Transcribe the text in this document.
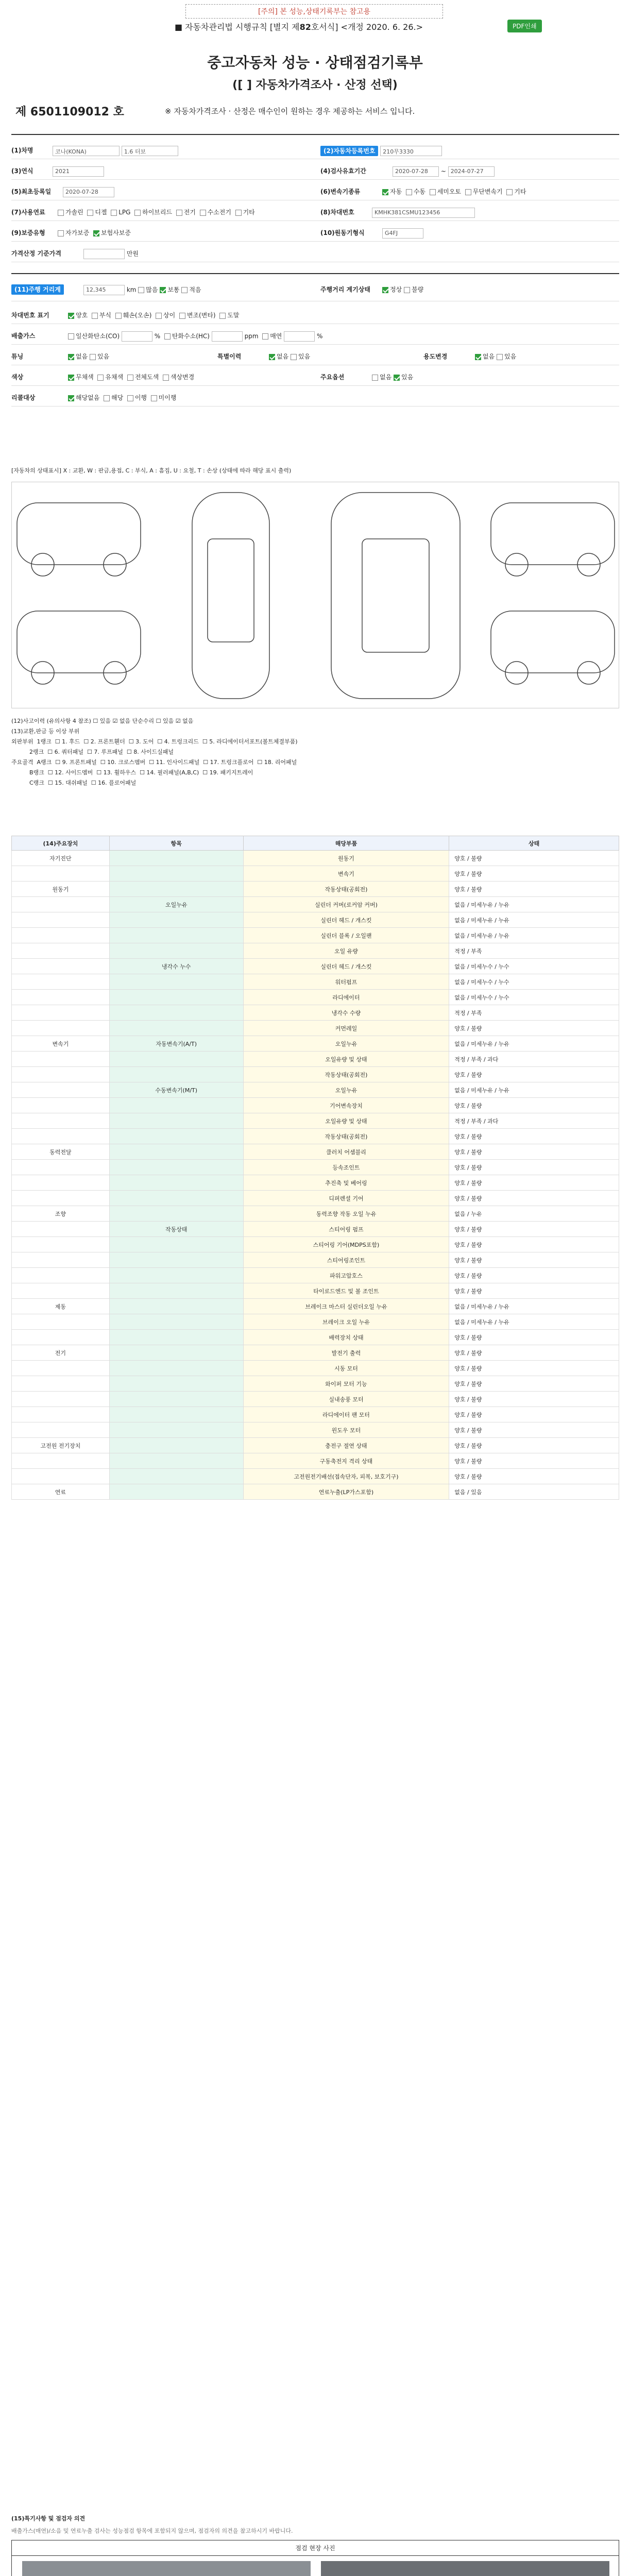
[주의] 본 성능,상태기록부는 참고용
■ 자동차관리법 시행규칙 [별지 제82호서식] <개정 2020. 6. 26.>	PDF인쇄
중고자동차 성능 · 상태점검기록부
([ ] 자동차가격조사 · 산정 선택)
제 6501109012 호	※ 자동차가격조사 · 산정은 매수인이 원하는 경우 제공하는 서비스 입니다.
(1)차명	코나(KONA)	1.6 터보	(2)자동차등록번호 210무3330
(3)연식	2021	(4)검사유효기간	2020-07-28 ~ 2024-07-27
(5)최초등록일	2020-07-28	(6)변속기종류	자동 수동 세미오토 무단변속기 기타
(7)사용연료	가솔린 디젤 LPG 하이브리드 전기 수소전기 기타	(8)차대번호	KMHK381CSMU123456
(9)보증유형	자가보증 보험사보증	(10)원동기형식	G4FJ
가격산정 기준가격	만원
(11)주행 거리계	12,345	km 많음 보통 적음	주행거리 계기상태	정상 불량
차대번호 표기	양호 부식 훼손(오손) 상이 변조(변타) 도말
배출가스	일산화탄소(CO)	%  탄화수소(HC)	ppm  매연	%
튜닝	없음 있음	특별이력	없음 있음	용도변경	없음 있음
색상	무채색 유채색 전체도색 색상변경	주요옵션	없음 있음
리콜대상	해당없음 해당 이행 미이행
[자동차의 상태표시] X : 교환, W : 판금,용접, C : 부식, A : 흠집, U : 요철, T : 손상 (상태에 따라 해당 표시 출력)
(12)사고이력 (유의사항 4 참조) ☐ 있음 ☑ 없음 단순수리 ☐ 있음 ☑ 없음
(13)교환,판금 등 이상 부위
외판부위  1랭크  ☐ 1. 후드  ☐ 2. 프론트휀더  ☐ 3. 도어  ☐ 4. 트렁크리드  ☐ 5. 라디에이터서포트(볼트체결부품)
2랭크  ☐ 6. 쿼터패널  ☐ 7. 루프패널  ☐ 8. 사이드실패널
주요골격  A랭크  ☐ 9. 프론트패널  ☐ 10. 크로스멤버  ☐ 11. 인사이드패널  ☐ 17. 트렁크플로어  ☐ 18. 리어패널
B랭크  ☐ 12. 사이드멤버  ☐ 13. 휠하우스  ☐ 14. 필러패널(A,B,C)  ☐ 19. 패키지트레이
C랭크  ☐ 15. 대쉬패널  ☐ 16. 플로어패널
(14)주요장치	항목	해당부품	상태
자기진단		원동기	양호 / 불량
		변속기	양호 / 불량
원동기		작동상태(공회전)	양호 / 불량
	오일누유	실린더 커버(로커암 커버)	없음 / 미세누유 / 누유
		실린더 헤드 / 개스킷	없음 / 미세누유 / 누유
		실린더 블록 / 오일팬	없음 / 미세누유 / 누유
		오일 유량	적정 / 부족
	냉각수 누수	실린더 헤드 / 개스킷	없음 / 미세누수 / 누수
		워터펌프	없음 / 미세누수 / 누수
		라디에이터	없음 / 미세누수 / 누수
		냉각수 수량	적정 / 부족
		커먼레일	양호 / 불량
변속기	자동변속기(A/T)	오일누유	없음 / 미세누유 / 누유
		오일유량 및 상태	적정 / 부족 / 과다
		작동상태(공회전)	양호 / 불량
	수동변속기(M/T)	오일누유	없음 / 미세누유 / 누유
		기어변속장치	양호 / 불량
		오일유량 및 상태	적정 / 부족 / 과다
		작동상태(공회전)	양호 / 불량
동력전달		클러치 어셈블리	양호 / 불량
		등속조인트	양호 / 불량
		추진축 및 베어링	양호 / 불량
		디퍼렌셜 기어	양호 / 불량
조향		동력조향 작동 오일 누유	없음 / 누유
	작동상태	스티어링 펌프	양호 / 불량
		스티어링 기어(MDPS포함)	양호 / 불량
		스티어링조인트	양호 / 불량
		파워고압호스	양호 / 불량
		타이로드엔드 및 볼 조인트	양호 / 불량
제동		브레이크 마스터 실린더오일 누유	없음 / 미세누유 / 누유
		브레이크 오일 누유	없음 / 미세누유 / 누유
		배력장치 상태	양호 / 불량
전기		발전기 출력	양호 / 불량
		시동 모터	양호 / 불량
		와이퍼 모터 기능	양호 / 불량
		실내송풍 모터	양호 / 불량
		라디에이터 팬 모터	양호 / 불량
		윈도우 모터	양호 / 불량
고전원 전기장치		충전구 절연 상태	양호 / 불량
		구동축전지 격리 상태	양호 / 불량
		고전원전기배선(접속단자, 피복, 보호기구)	양호 / 불량
연료		연료누출(LP가스포함)	없음 / 있음
(15)특기사항 및 점검자 의견
배출가스(매연)/소음 및 연료누출 검사는 성능점검 항목에 포함되지 않으며, 점검자의 의견을 참고하시기 바랍니다.
점검 현장 사진
